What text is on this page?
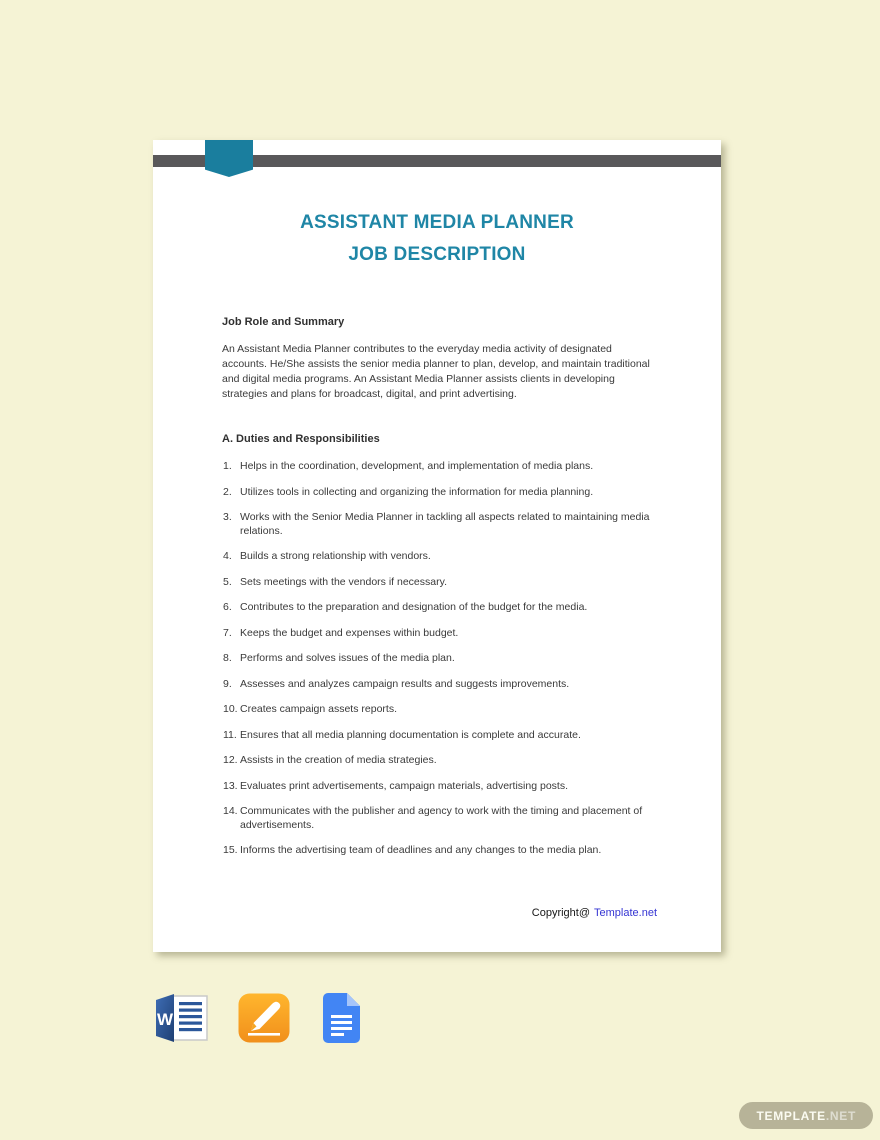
ASSISTANT MEDIA PLANNER
JOB DESCRIPTION
Job Role and Summary

An Assistant Media Planner contributes to the everyday media activity of designated accounts. He/She assists the senior media planner to plan, develop, and maintain traditional and digital media programs. An Assistant Media Planner assists clients in developing strategies and plans for broadcast, digital, and print advertising.

A. Duties and Responsibilities
1. Helps in the coordination, development, and implementation of media plans.
2. Utilizes tools in collecting and organizing the information for media planning.
3. Works with the Senior Media Planner in tackling all aspects related to maintaining media relations.
4. Builds a strong relationship with vendors.
5. Sets meetings with the vendors if necessary.
6. Contributes to the preparation and designation of the budget for the media.
7. Keeps the budget and expenses within budget.
8. Performs and solves issues of the media plan.
9. Assesses and analyzes campaign results and suggests improvements.
10. Creates campaign assets reports.
11. Ensures that all media planning documentation is complete and accurate.
12. Assists in the creation of media strategies.
13. Evaluates print advertisements, campaign materials, advertising posts.
14. Communicates with the publisher and agency to work with the timing and placement of advertisements.
15. Informs the advertising team of deadlines and any changes to the media plan.
Copyright@ Template.net
W
TEMPLATE .NET
